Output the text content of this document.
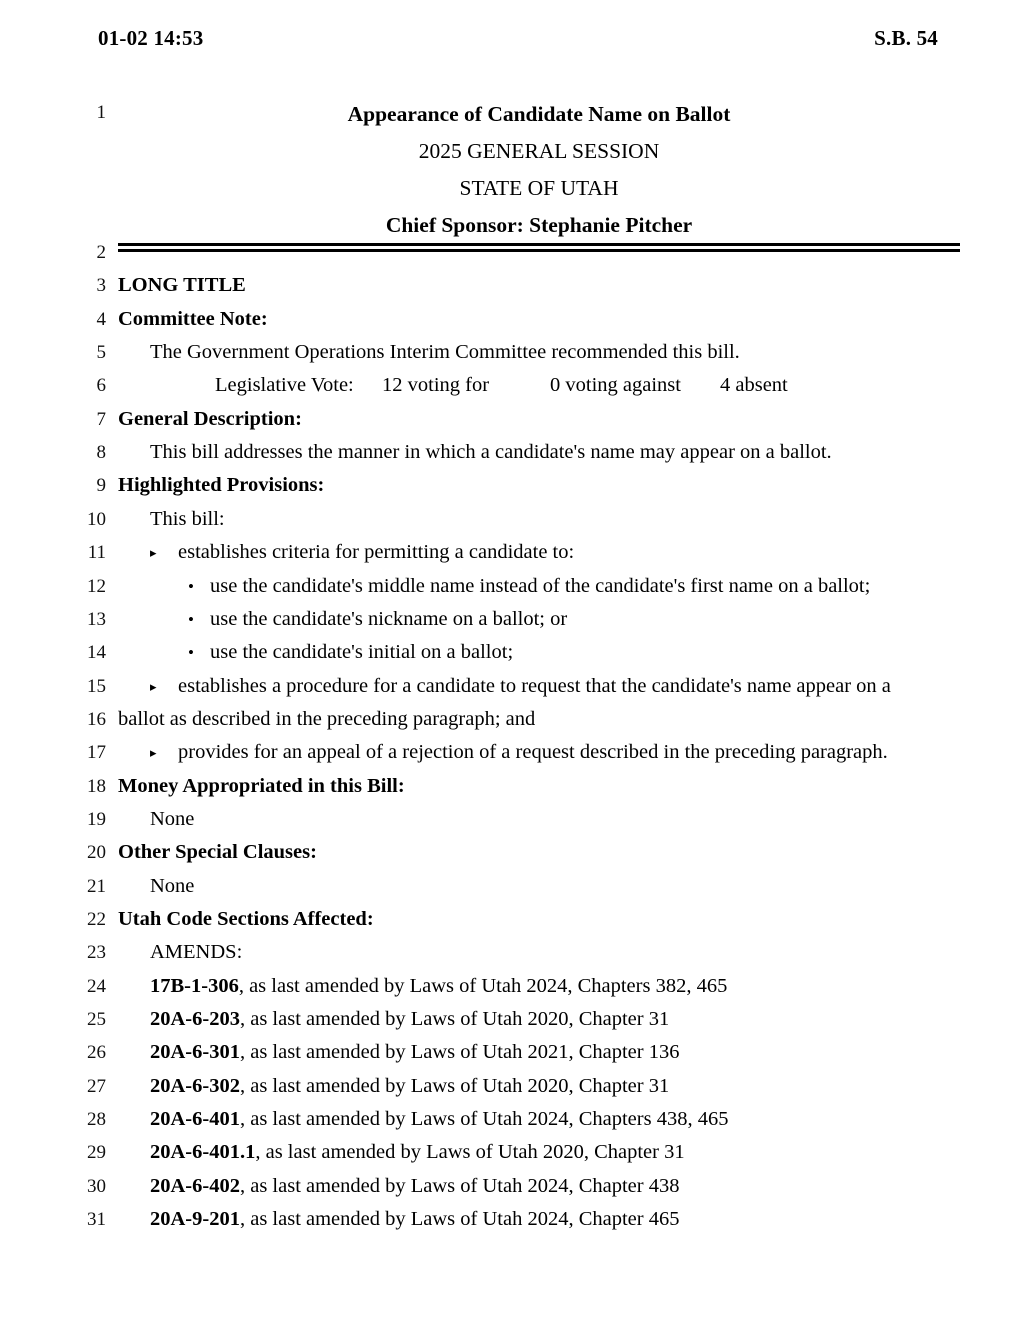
01-02 14:53	S.B. 54
1	Appearance of Candidate Name on Ballot
2025 GENERAL SESSION
STATE OF UTAH
Chief Sponsor: Stephanie Pitcher
2
3 LONG TITLE
4 Committee Note:
5 The Government Operations Interim Committee recommended this bill.
6	Legislative Vote: 12 voting for	0 voting against 4 absent
7 General Description:
8 This bill addresses the manner in which a candidate's name may appear on a ballot.
9 Highlighted Provisions:
10 This bill:
11	▸ establishes criteria for permitting a candidate to:
12	• use the candidate's middle name instead of the candidate's first name on a ballot;
13	• use the candidate's nickname on a ballot; or
14	• use the candidate's initial on a ballot;
15	▸ establishes a procedure for a candidate to request that the candidate's name appear on a
16 ballot as described in the preceding paragraph; and
17	▸ provides for an appeal of a rejection of a request described in the preceding paragraph.
18 Money Appropriated in this Bill:
19 None
20 Other Special Clauses:
21 None
22 Utah Code Sections Affected:
23 AMENDS:
24 17B-1-306, as last amended by Laws of Utah 2024, Chapters 382, 465
25 20A-6-203, as last amended by Laws of Utah 2020, Chapter 31
26 20A-6-301, as last amended by Laws of Utah 2021, Chapter 136
27 20A-6-302, as last amended by Laws of Utah 2020, Chapter 31
28 20A-6-401, as last amended by Laws of Utah 2024, Chapters 438, 465
29 20A-6-401.1, as last amended by Laws of Utah 2020, Chapter 31
30 20A-6-402, as last amended by Laws of Utah 2024, Chapter 438
31 20A-9-201, as last amended by Laws of Utah 2024, Chapter 465
